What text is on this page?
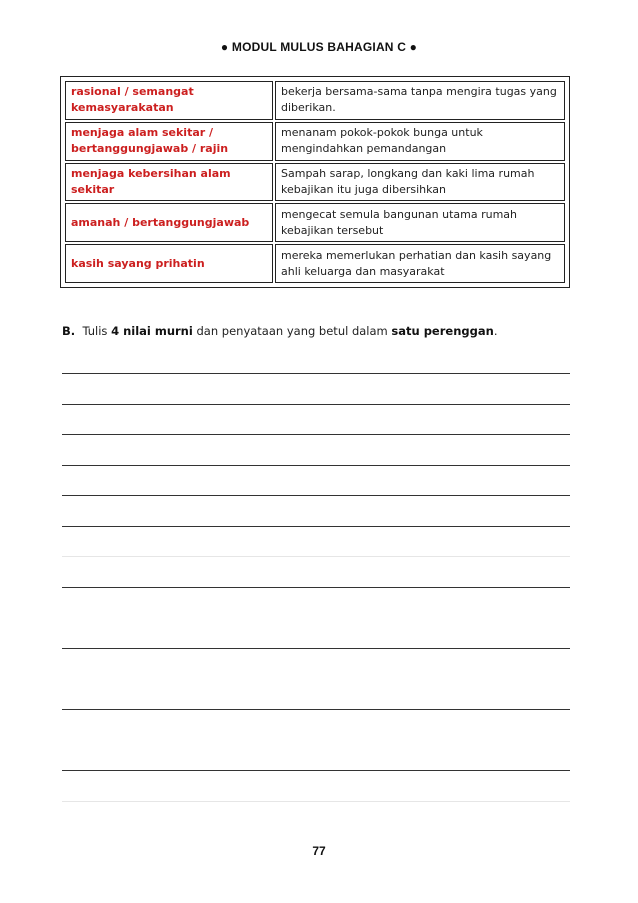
● MODUL MULUS BAHAGIAN C ●
rasional / semangat kemasyarakatan	bekerja bersama-sama tanpa mengira tugas yang diberikan.
menjaga alam sekitar / bertanggungjawab / rajin	menanam pokok-pokok bunga untuk mengindahkan pemandangan
menjaga kebersihan alam sekitar	Sampah sarap, longkang dan kaki lima rumah kebajikan itu juga dibersihkan
amanah / bertanggungjawab	mengecat semula bangunan utama rumah kebajikan tersebut
kasih sayang prihatin	mereka memerlukan perhatian dan kasih sayang ahli keluarga dan masyarakat
B. Tulis 4 nilai murni dan penyataan yang betul dalam satu perenggan.
77
